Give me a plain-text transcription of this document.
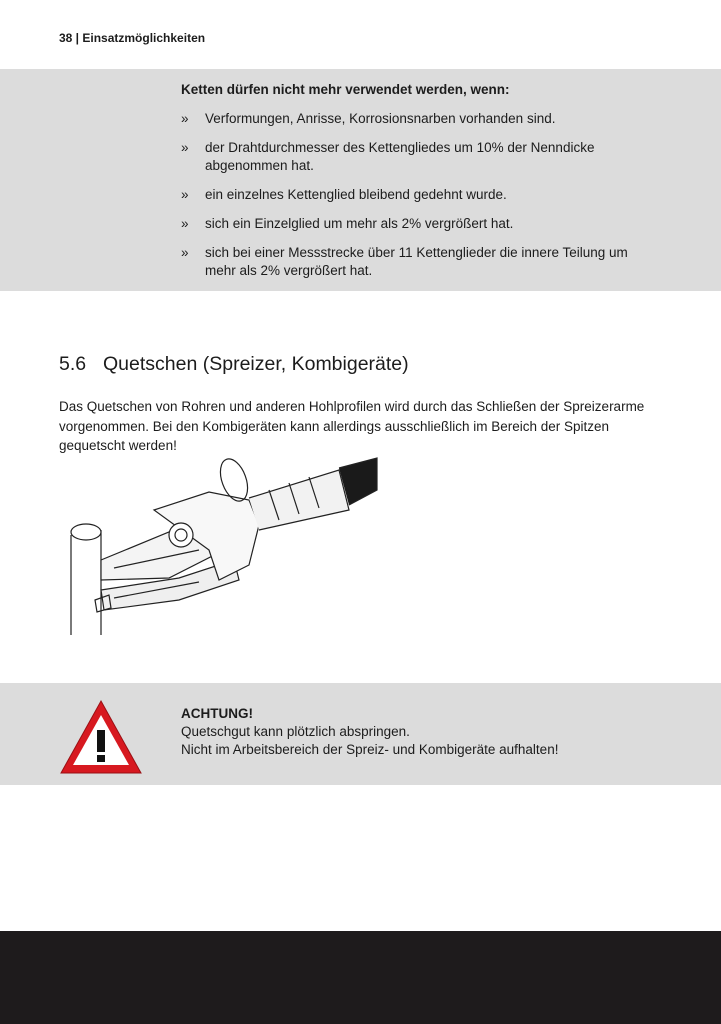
38 | Einsatzmöglichkeiten
Ketten dürfen nicht mehr verwendet werden, wenn:
» Verformungen, Anrisse, Korrosionsnarben vorhanden sind.
» der Drahtdurchmesser des Kettengliedes um 10% der Nenndicke abgenommen hat.
» ein einzelnes Kettenglied bleibend gedehnt wurde.
» sich ein Einzelglied um mehr als 2% vergrößert hat.
» sich bei einer Messstrecke über 11 Kettenglieder die innere Teilung um mehr als 2% vergrößert hat.
5.6 Quetschen (Spreizer, Kombigeräte)
Das Quetschen von Rohren und anderen Hohlprofilen wird durch das Schließen der Spreizerarme vorgenommen. Bei den Kombigeräten kann allerdings ausschließlich im Bereich der Spitzen gequetscht werden!
ACHTUNG!
Quetschgut kann plötzlich abspringen.
Nicht im Arbeitsbereich der Spreiz- und Kombigeräte aufhalten!
